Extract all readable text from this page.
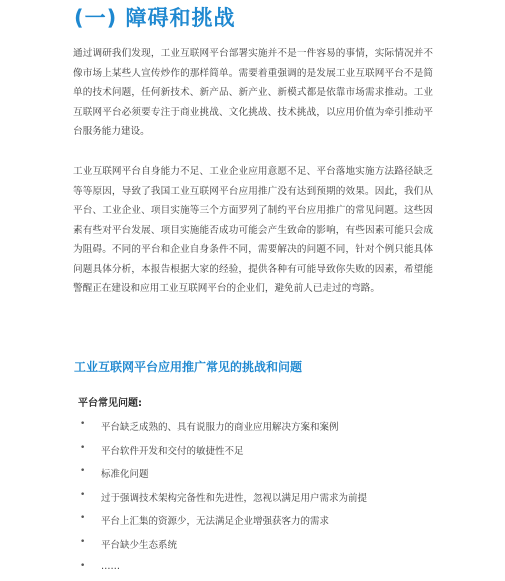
(一) 障碍和挑战

通过调研我们发现，工业互联网平台部署实施并不是一件容易的事情，实际情况并不像市场上某些人宣传炒作的那样简单。需要着重强调的是发展工业互联网平台不是简单的技术问题，任何新技术、新产品、新产业、新模式都是依靠市场需求推动。工业互联网平台必须要专注于商业挑战、文化挑战、技术挑战，以应用价值为牵引推动平台服务能力建设。

工业互联网平台自身能力不足、工业企业应用意愿不足、平台落地实施方法路径缺乏等等原因，导致了我国工业互联网平台应用推广没有达到预期的效果。因此，我们从平台、工业企业、项目实施等三个方面罗列了制约平台应用推广的常见问题。这些因素有些对平台发展、项目实施能否成功可能会产生致命的影响，有些因素可能只会成为阻碍。不同的平台和企业自身条件不同，需要解决的问题不同，针对个例只能具体问题具体分析，本报告根据大家的经验，提供各种有可能导致你失败的因素，希望能警醒正在建设和应用工业互联网平台的企业们，避免前人已走过的弯路。

工业互联网平台应用推广常见的挑战和问题
平台常见问题:
• 平台缺乏成熟的、具有说服力的商业应用解决方案和案例
• 平台软件开发和交付的敏捷性不足
• 标准化问题
• 过于强调技术架构完备性和先进性，忽视以满足用户需求为前提
• 平台上汇集的资源少，无法满足企业增强获客力的需求
• 平台缺少生态系统
• ……
